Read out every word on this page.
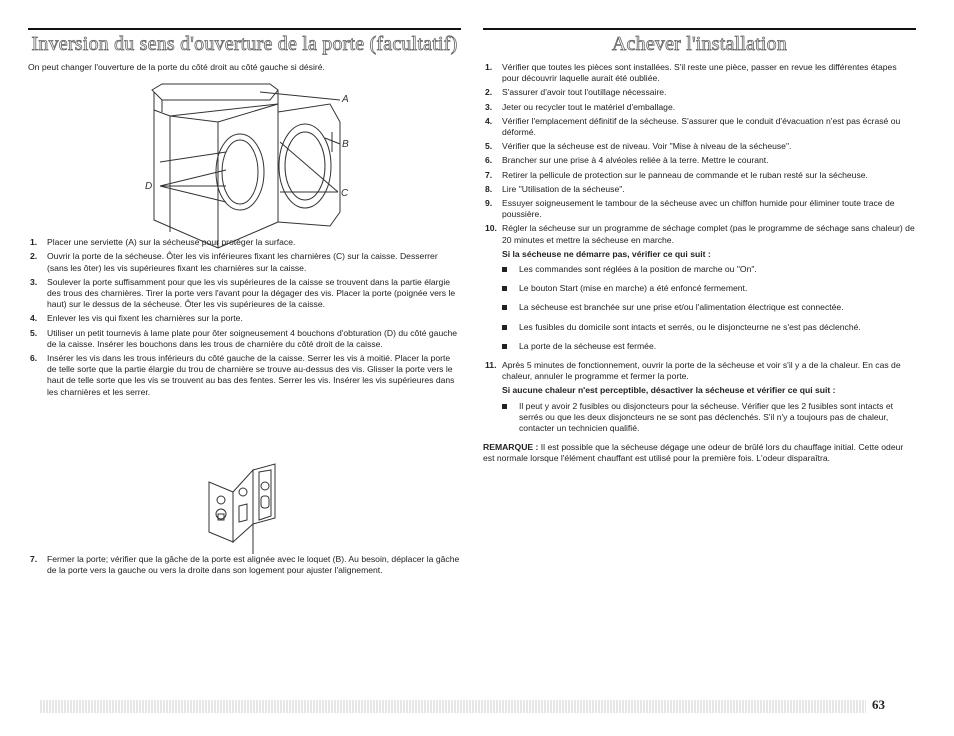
Inversion du sens d'ouverture de la porte (facultatif)

On peut changer l'ouverture de la porte du côté droit au côté gauche si désiré.

1. Placer une serviette (A) sur la sécheuse pour protéger la surface.
2. Ouvrir la porte de la sécheuse. Ôter les vis inférieures fixant les charnières (C) sur la caisse. Desserrer (sans les ôter) les vis supérieures fixant les charnières sur la caisse.
3. Soulever la porte suffisamment pour que les vis supérieures de la caisse se trouvent dans la partie élargie des trous des charnières. Tirer la porte vers l'avant pour la dégager des vis. Placer la porte (poignée vers le haut) sur le dessus de la sécheuse. Ôter les vis supérieures de la caisse.
4. Enlever les vis qui fixent les charnières sur la porte.
5. Utiliser un petit tournevis à lame plate pour ôter soigneusement 4 bouchons d'obturation (D) du côté gauche de la caisse. Insérer les bouchons dans les trous de charnière du côté droit de la caisse.
6. Insérer les vis dans les trous inférieurs du côté gauche de la caisse. Serrer les vis à moitié. Placer la porte de telle sorte que la partie élargie du trou de charnière se trouve au-dessus des vis. Glisser la porte vers le haut de telle sorte que les vis se trouvent au bas des fentes. Serrer les vis. Insérer les vis supérieures dans les charnières et les serrer.
7. Fermer la porte; vérifier que la gâche de la porte est alignée avec le loquet (B). Au besoin, déplacer la gâche de la porte vers la gauche ou vers la droite dans son logement pour ajuster l'alignement.
A
B
C
D
Achever l'installation
1. Vérifier que toutes les pièces sont installées. S'il reste une pièce, passer en revue les différentes étapes pour découvrir laquelle aurait été oubliée.
2. S'assurer d'avoir tout l'outillage nécessaire.
3. Jeter ou recycler tout le matériel d'emballage.
4. Vérifier l'emplacement définitif de la sécheuse. S'assurer que le conduit d'évacuation n'est pas écrasé ou déformé.
5. Vérifier que la sécheuse est de niveau. Voir "Mise à niveau de la sécheuse".
6. Brancher sur une prise à 4 alvéoles reliée à la terre. Mettre le courant.
7. Retirer la pellicule de protection sur le panneau de commande et le ruban resté sur la sécheuse.
8. Lire "Utilisation de la sécheuse".
9. Essuyer soigneusement le tambour de la sécheuse avec un chiffon humide pour éliminer toute trace de poussière.
10. Régler la sécheuse sur un programme de séchage complet (pas le programme de séchage sans chaleur) de 20 minutes et mettre la sécheuse en marche.

Si la sécheuse ne démarre pas, vérifier ce qui suit :

Les commandes sont réglées à la position de marche ou "On".
Le bouton Start (mise en marche) a été enfoncé fermement.
La sécheuse est branchée sur une prise et/ou l'alimentation électrique est connectée.
Les fusibles du domicile sont intacts et serrés, ou le disjoncteurne ne s'est pas déclenché.
La porte de la sécheuse est fermée.
11. Après 5 minutes de fonctionnement, ouvrir la porte de la sécheuse et voir s'il y a de la chaleur. En cas de chaleur, annuler le programme et fermer la porte.

Si aucune chaleur n'est perceptible, désactiver la sécheuse et vérifier ce qui suit :

Il peut y avoir 2 fusibles ou disjoncteurs pour la sécheuse. Vérifier que les 2 fusibles sont intacts et serrés ou que les deux disjoncteurs ne se sont pas déclenchés. S'il n'y a toujours pas de chaleur, contacter un technicien qualifié.

REMARQUE : Il est possible que la sécheuse dégage une odeur de brûlé lors du chauffage initial. Cette odeur est normale lorsque l'élément chauffant est utilisé pour la première fois. L'odeur disparaîtra.

63
